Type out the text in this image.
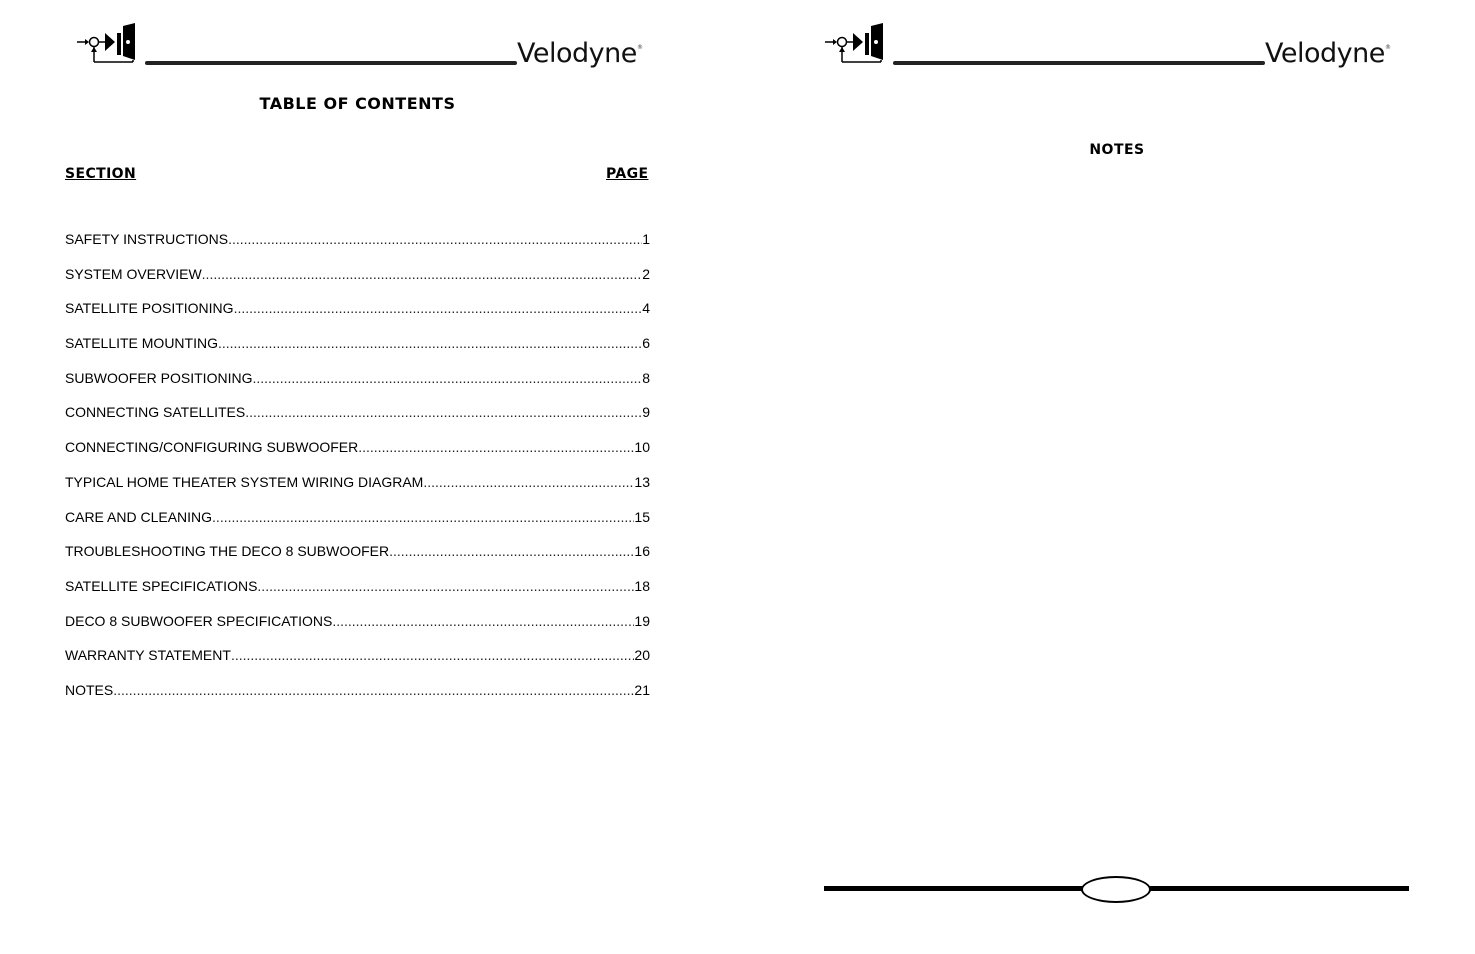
Velodyne ®
TABLE OF CONTENTS
SECTION	PAGE
SAFETY INSTRUCTIONS .....	1
SYSTEM OVERVIEW .....	2
SATELLITE POSITIONING .....	4
SATELLITE MOUNTING .....	6
SUBWOOFER POSITIONING .....	8
CONNECTING SATELLITES .....	9
CONNECTING/CONFIGURING SUBWOOFER .....	10
TYPICAL HOME THEATER SYSTEM WIRING DIAGRAM .....	13
CARE AND CLEANING .....	15
TROUBLESHOOTING THE DECO 8 SUBWOOFER .....	16
SATELLITE SPECIFICATIONS .....	18
DECO 8 SUBWOOFER SPECIFICATIONS .....	19
WARRANTY STATEMENT .....	20
NOTES .....	21
Velodyne ®
NOTES
